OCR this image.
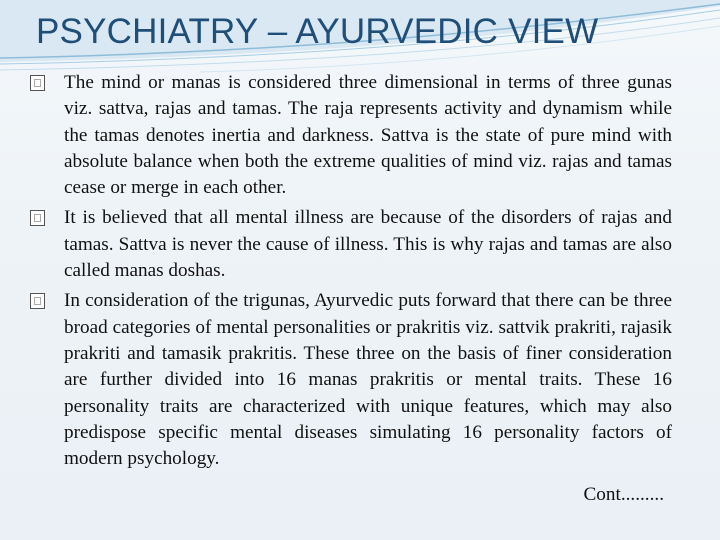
PSYCHIATRY – AYURVEDIC VIEW

The mind or manas is considered three dimensional in terms of three gunas viz. sattva, rajas and tamas. The raja represents activity and dynamism while the tamas denotes inertia and darkness. Sattva is the state of pure mind with absolute balance when both the extreme qualities of mind viz. rajas and tamas cease or merge in each other.

It is believed that all mental illness are because of the disorders of rajas and tamas. Sattva is never the cause of illness. This is why rajas and tamas are also called manas doshas.

In consideration of the trigunas, Ayurvedic puts forward that there can be three broad categories of mental personalities or prakritis viz. sattvik prakriti, rajasik prakriti and tamasik prakritis. These three on the basis of finer consideration are further divided into 16 manas prakritis or mental traits. These 16 personality traits are characterized with unique features, which may also predispose specific mental diseases simulating 16 personality factors of modern psychology.

Cont.........
